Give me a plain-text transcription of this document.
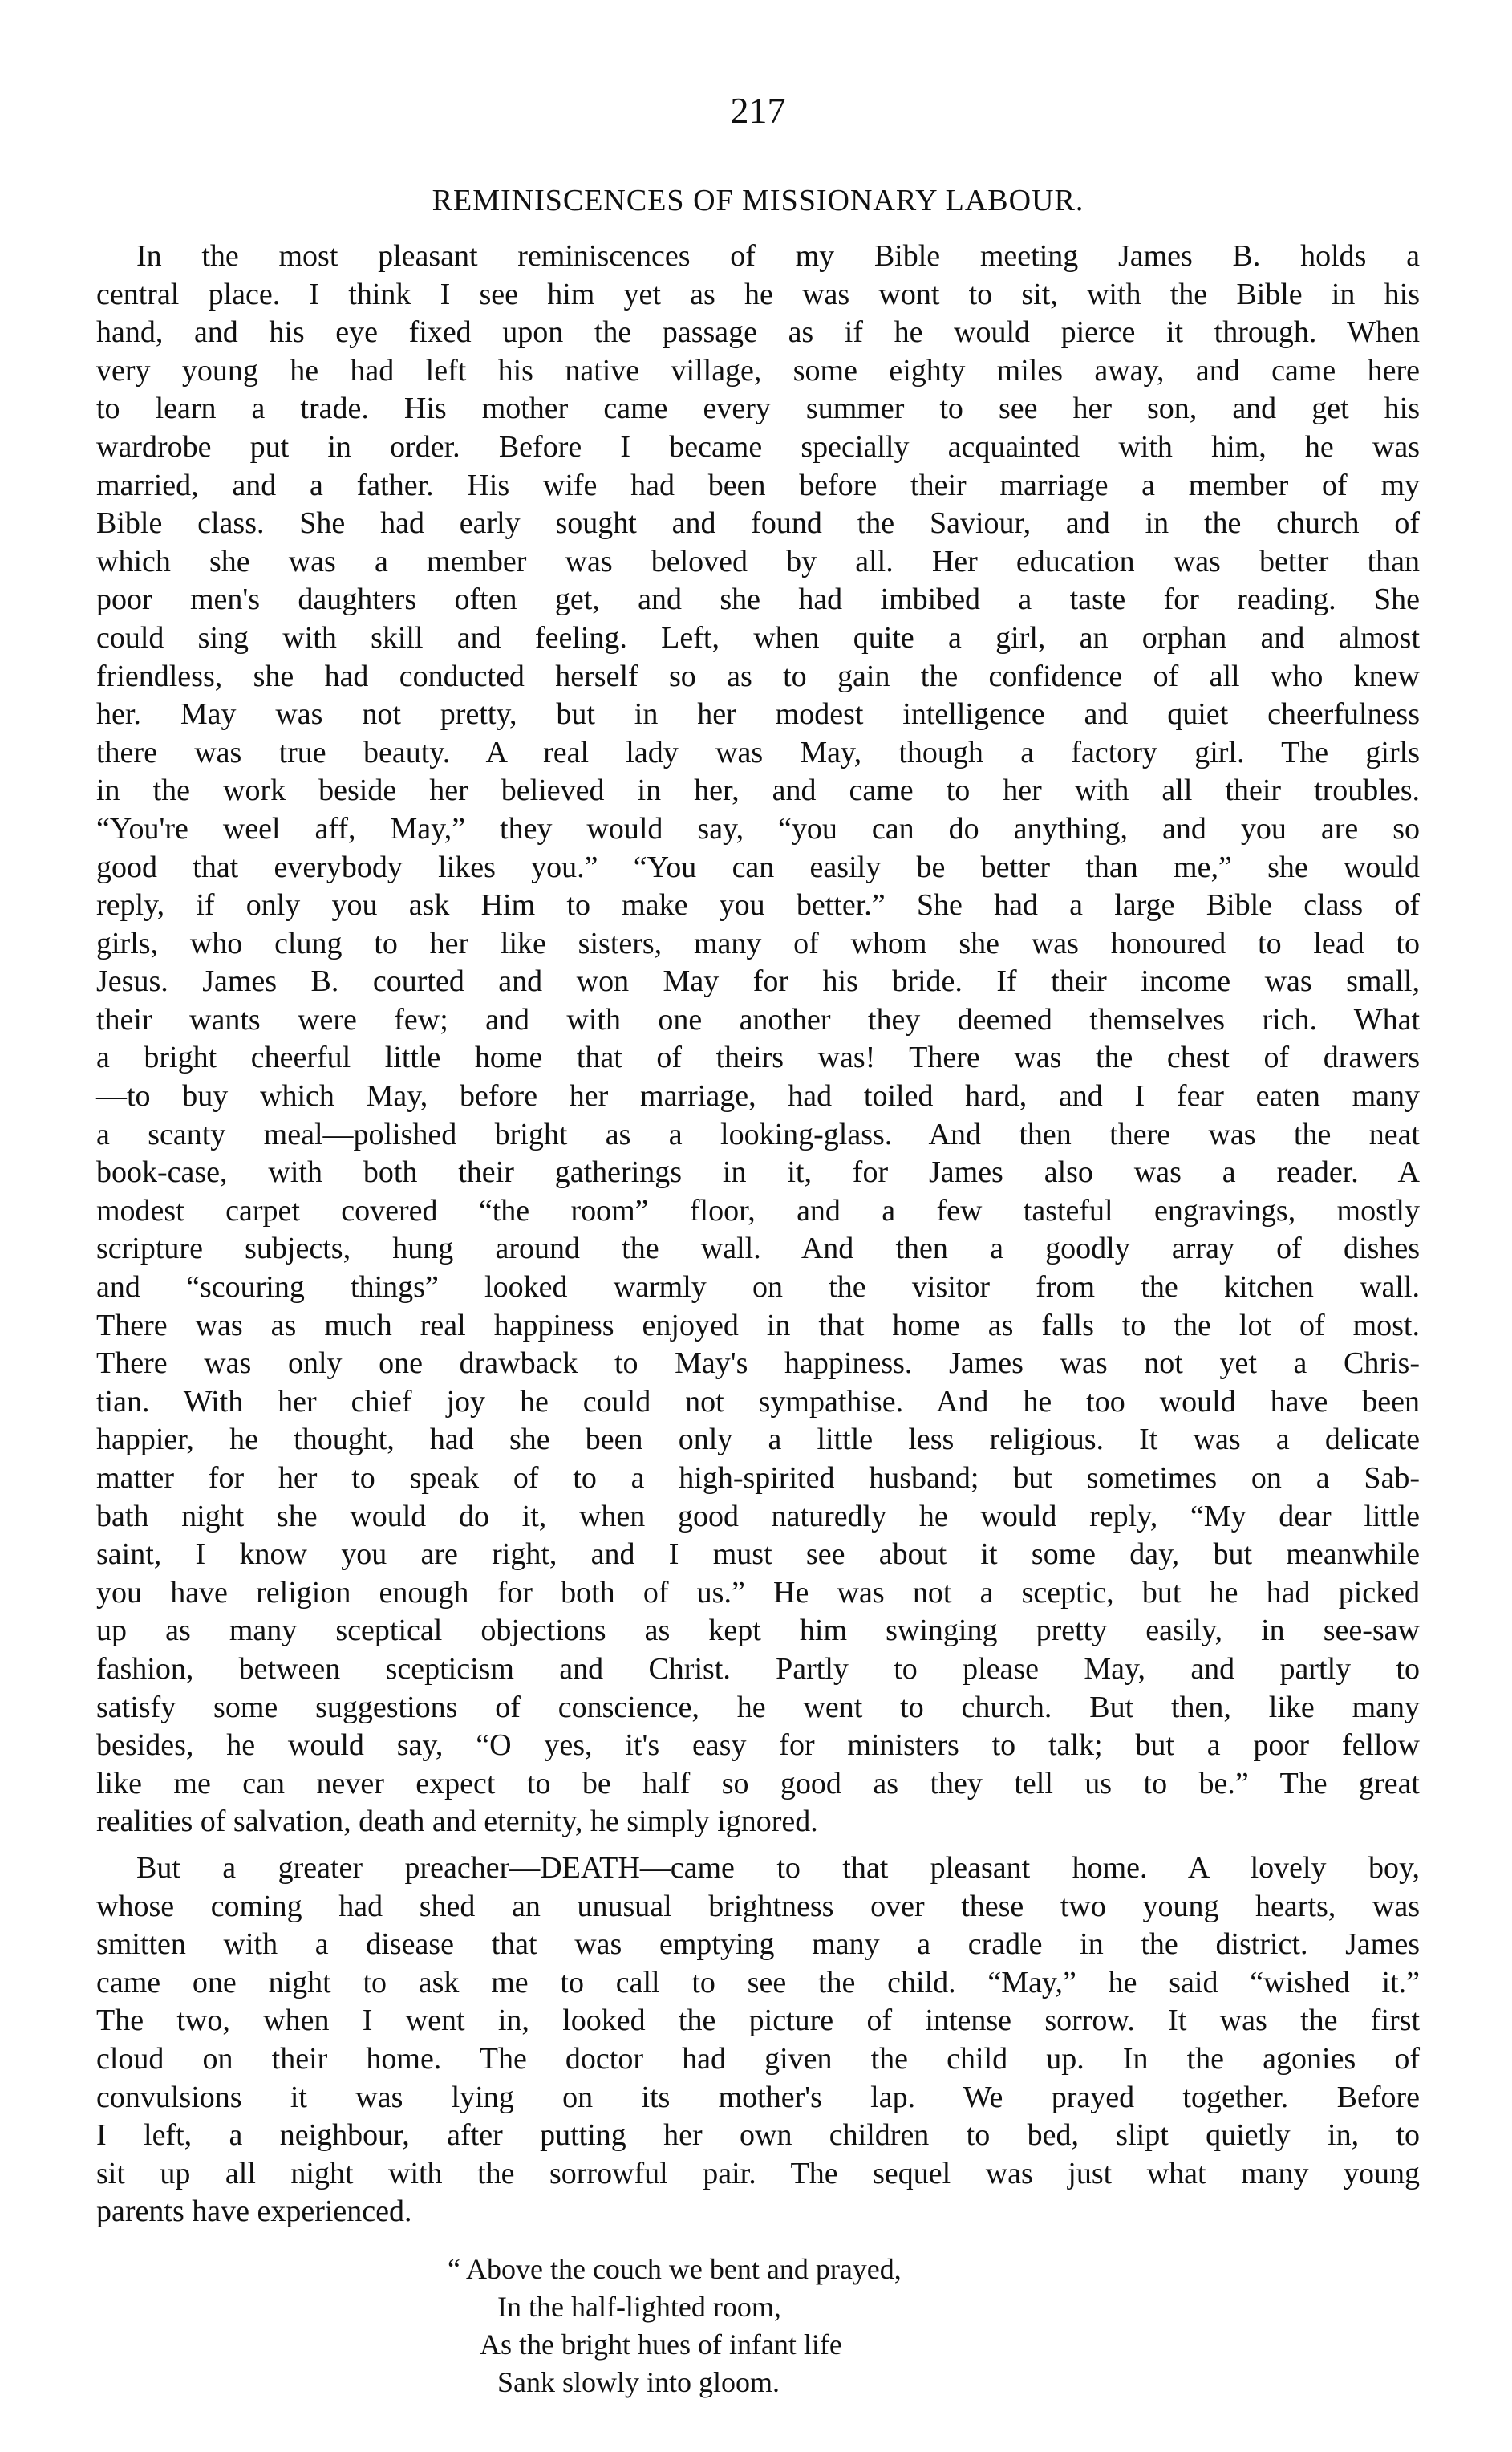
217
REMINISCENCES OF MISSIONARY LABOUR.
In the most pleasant reminiscences of my Bible meeting James B. holds a
central place. I think I see him yet as he was wont to sit, with the Bible in his
hand, and his eye fixed upon the passage as if he would pierce it through. When
very young he had left his native village, some eighty miles away, and came here
to learn a trade. His mother came every summer to see her son, and get his
wardrobe put in order. Before I became specially acquainted with him, he was
married, and a father. His wife had been before their marriage a member of my
Bible class. She had early sought and found the Saviour, and in the church of
which she was a member was beloved by all. Her education was better than
poor men's daughters often get, and she had imbibed a taste for reading. She
could sing with skill and feeling. Left, when quite a girl, an orphan and almost
friendless, she had conducted herself so as to gain the confidence of all who knew
her. May was not pretty, but in her modest intelligence and quiet cheerfulness
there was true beauty. A real lady was May, though a factory girl. The girls
in the work beside her believed in her, and came to her with all their troubles.
“You're weel aff, May,” they would say, “you can do anything, and you are so
good that everybody likes you.” “You can easily be better than me,” she would
reply, if only you ask Him to make you better.” She had a large Bible class of
girls, who clung to her like sisters, many of whom she was honoured to lead to
Jesus. James B. courted and won May for his bride. If their income was small,
their wants were few; and with one another they deemed themselves rich. What
a bright cheerful little home that of theirs was! There was the chest of drawers
—to buy which May, before her marriage, had toiled hard, and I fear eaten many
a scanty meal—polished bright as a looking-glass. And then there was the neat
book-case, with both their gatherings in it, for James also was a reader. A
modest carpet covered “the room” floor, and a few tasteful engravings, mostly
scripture subjects, hung around the wall. And then a goodly array of dishes
and “scouring things” looked warmly on the visitor from the kitchen wall.
There was as much real happiness enjoyed in that home as falls to the lot of most.
There was only one drawback to May's happiness. James was not yet a Chris-
tian. With her chief joy he could not sympathise. And he too would have been
happier, he thought, had she been only a little less religious. It was a delicate
matter for her to speak of to a high-spirited husband; but sometimes on a Sab-
bath night she would do it, when good naturedly he would reply, “My dear little
saint, I know you are right, and I must see about it some day, but meanwhile
you have religion enough for both of us.” He was not a sceptic, but he had picked
up as many sceptical objections as kept him swinging pretty easily, in see-saw
fashion, between scepticism and Christ. Partly to please May, and partly to
satisfy some suggestions of conscience, he went to church. But then, like many
besides, he would say, “O yes, it's easy for ministers to talk; but a poor fellow
like me can never expect to be half so good as they tell us to be.” The great
realities of salvation, death and eternity, he simply ignored.
But a greater preacher—DEATH—came to that pleasant home. A lovely boy,
whose coming had shed an unusual brightness over these two young hearts, was
smitten with a disease that was emptying many a cradle in the district. James
came one night to ask me to call to see the child. “May,” he said “wished it.”
The two, when I went in, looked the picture of intense sorrow. It was the first
cloud on their home. The doctor had given the child up. In the agonies of
convulsions it was lying on its mother's lap. We prayed together. Before
I left, a neighbour, after putting her own children to bed, slipt quietly in, to
sit up all night with the sorrowful pair. The sequel was just what many young
parents have experienced.
“ Above the couch we bent and prayed,
In the half-lighted room,
As the bright hues of infant life
Sank slowly into gloom.
